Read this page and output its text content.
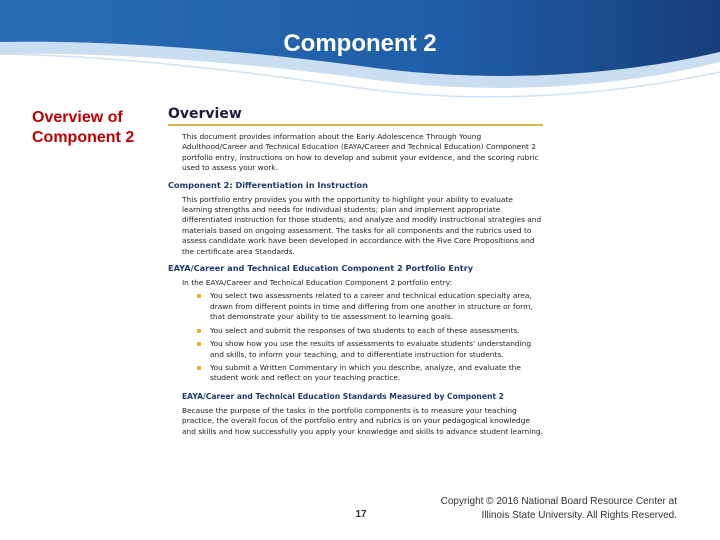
Component 2
Overview of Component 2
Overview

This document provides information about the Early Adolescence Through Young Adulthood/Career and Technical Education (EAYA/Career and Technical Education) Component 2 portfolio entry, instructions on how to develop and submit your evidence, and the scoring rubric used to assess your work.

Component 2: Differentiation in Instruction

This portfolio entry provides you with the opportunity to highlight your ability to evaluate learning strengths and needs for individual students; plan and implement appropriate differentiated instruction for those students; and analyze and modify instructional strategies and materials based on ongoing assessment. The tasks for all components and the rubrics used to assess candidate work have been developed in accordance with the Five Core Propositions and the certificate area Standards.

EAYA/Career and Technical Education Component 2 Portfolio Entry

In the EAYA/Career and Technical Education Component 2 portfolio entry:

You select two assessments related to a career and technical education specialty area, drawn from different points in time and differing from one another in structure or form, that demonstrate your ability to tie assessment to learning goals.
You select and submit the responses of two students to each of these assessments.
You show how you use the results of assessments to evaluate students' understanding and skills, to inform your teaching, and to differentiate instruction for students.
You submit a Written Commentary in which you describe, analyze, and evaluate the student work and reflect on your teaching practice.
EAYA/Career and Technical Education Standards Measured by Component 2

Because the purpose of the tasks in the portfolio components is to measure your teaching practice, the overall focus of the portfolio entry and rubrics is on your pedagogical knowledge and skills and how successfully you apply your knowledge and skills to advance student learning.

17
Copyright © 2016 National Board Resource Center at Illinois State University. All Rights Reserved.
